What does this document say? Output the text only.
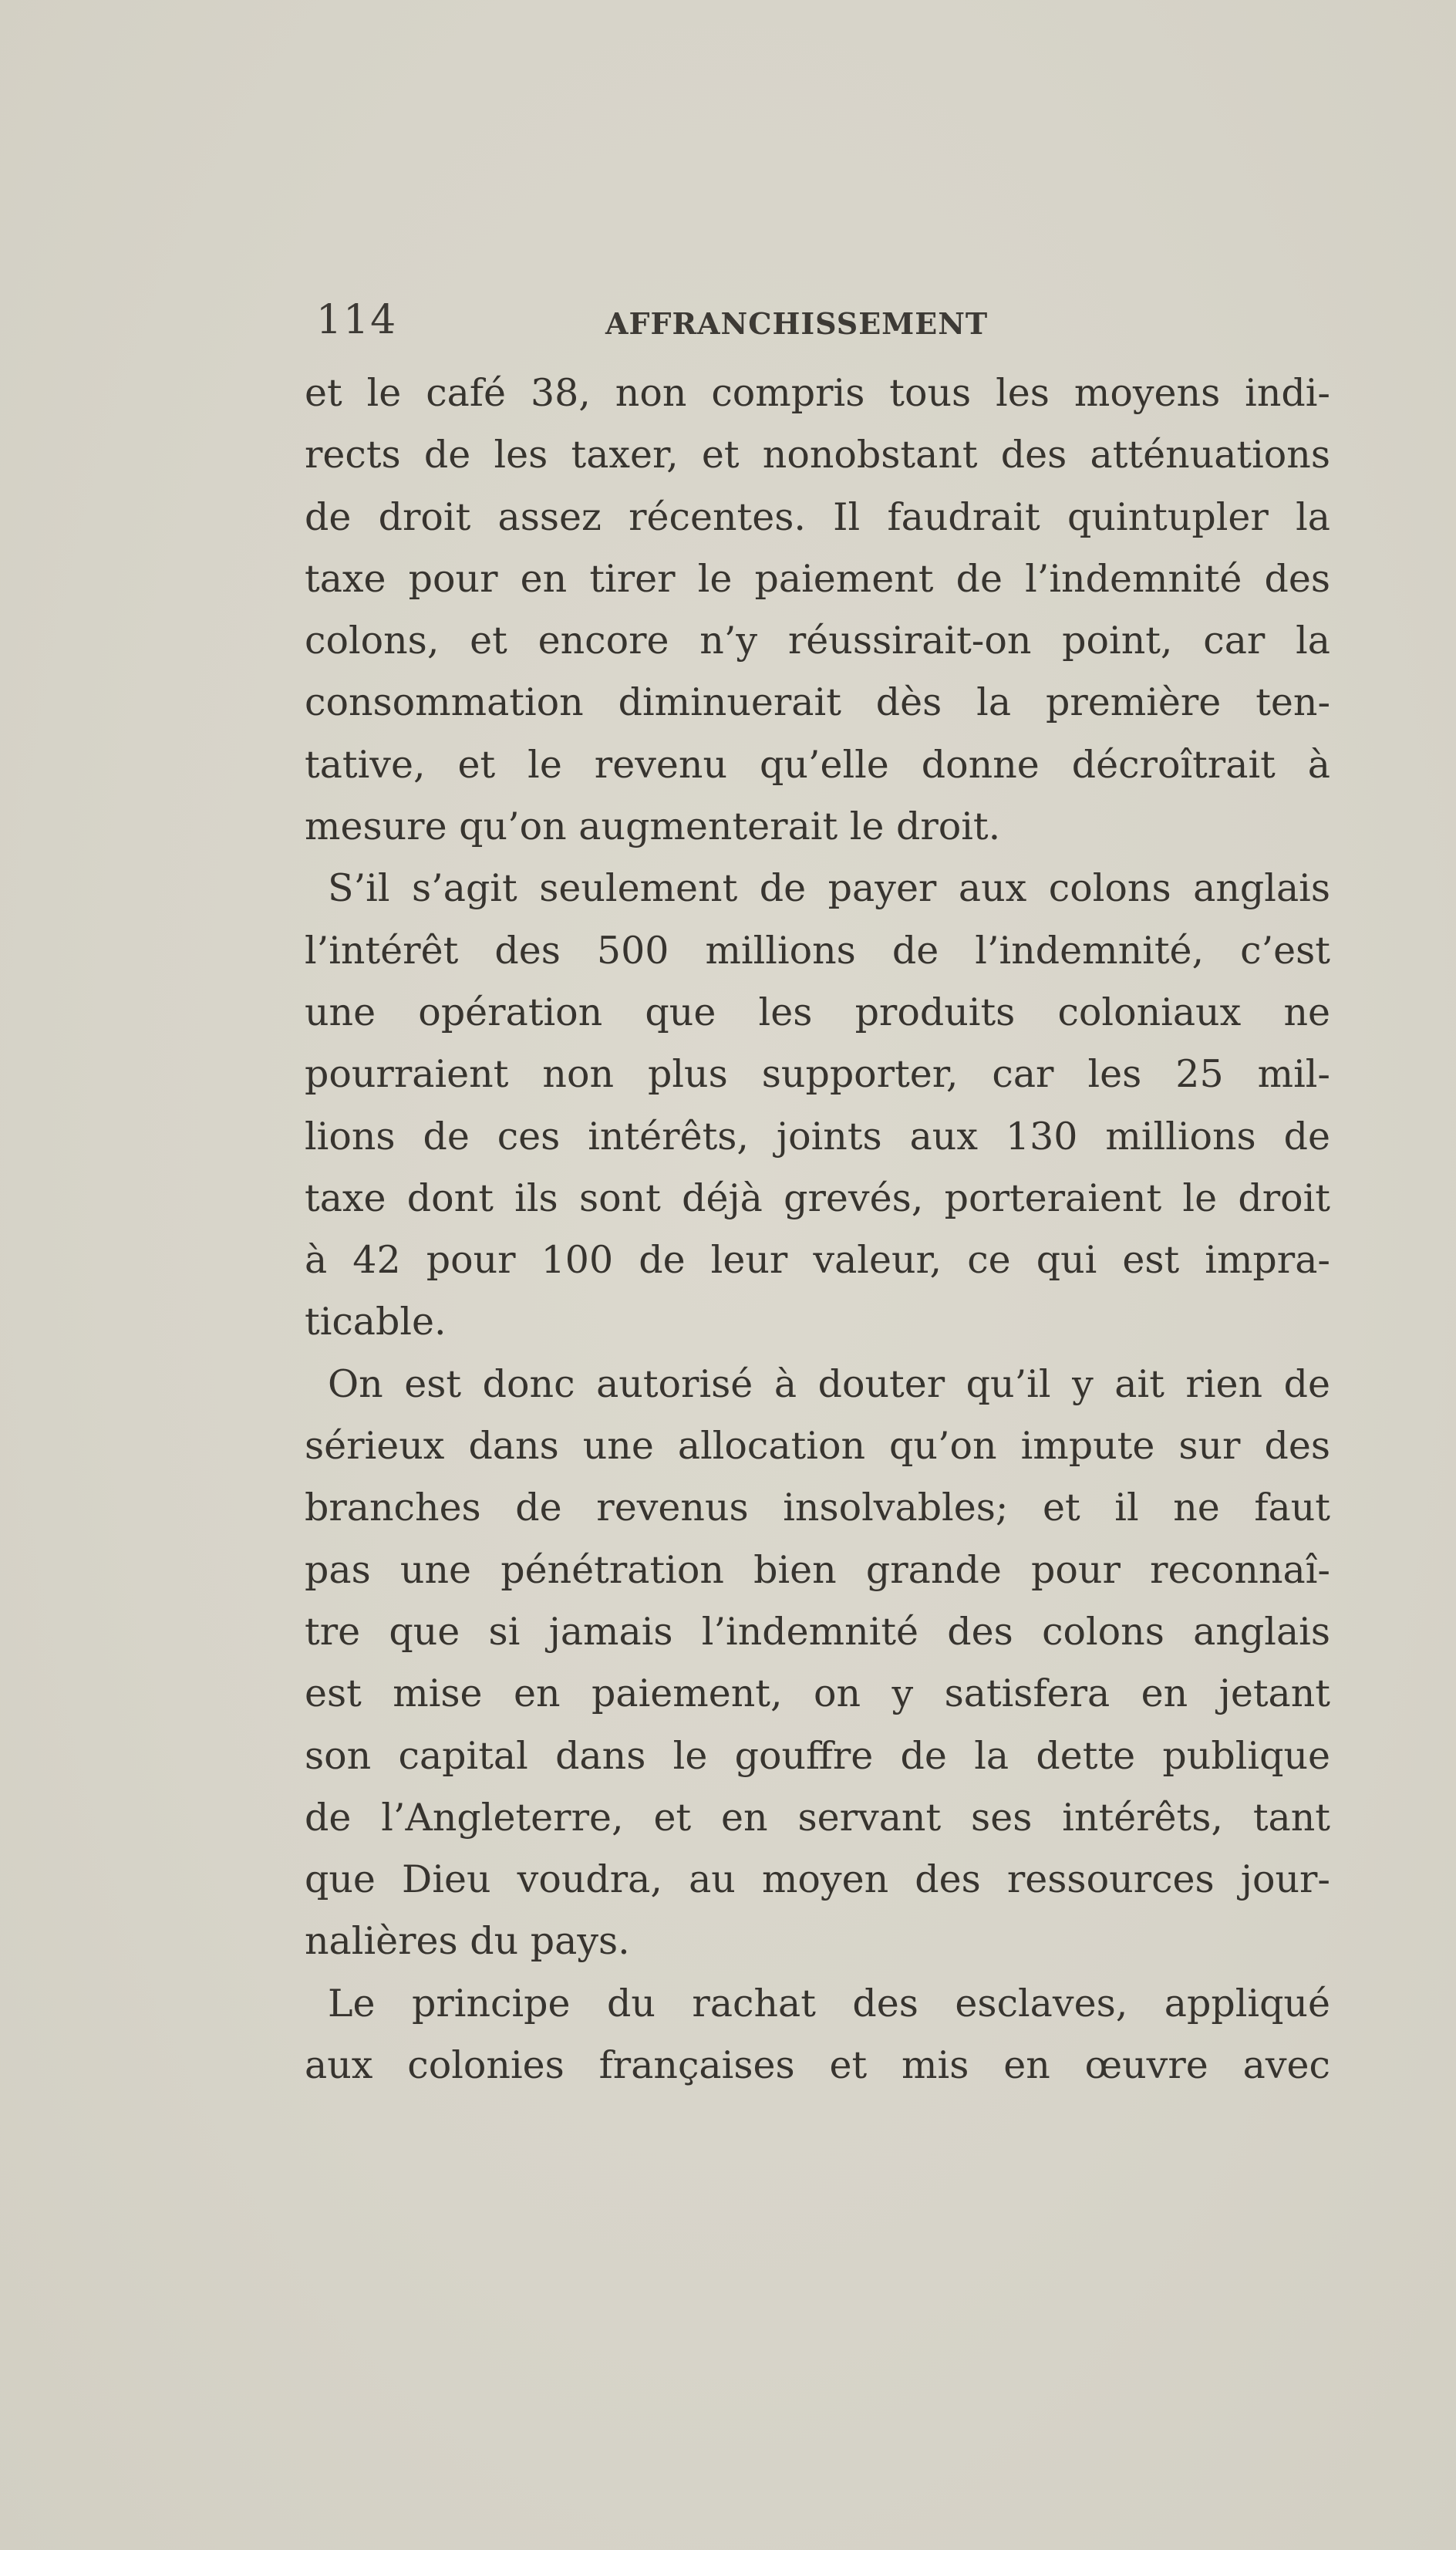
114	AFFRANCHISSEMENT
et le café 38, non compris tous les moyens indi-
rects de les taxer, et nonobstant des atténuations
de droit assez récentes. Il faudrait quintupler la
taxe pour en tirer le paiement de l’indemnité des
colons, et encore n’y réussirait-on point, car la
consommation diminuerait dès la première ten-
tative, et le revenu qu’elle donne décroîtrait à
mesure qu’on augmenterait le droit.
S’il s’agit seulement de payer aux colons anglais
l’intérêt des 500 millions de l’indemnité, c’est
une opération que les produits coloniaux ne
pourraient non plus supporter, car les 25 mil-
lions de ces intérêts, joints aux 130 millions de
taxe dont ils sont déjà grevés, porteraient le droit
à 42 pour 100 de leur valeur, ce qui est impra-
ticable.
On est donc autorisé à douter qu’il y ait rien de
sérieux dans une allocation qu’on impute sur des
branches de revenus insolvables; et il ne faut
pas une pénétration bien grande pour reconnaî-
tre que si jamais l’indemnité des colons anglais
est mise en paiement, on y satisfera en jetant
son capital dans le gouffre de la dette publique
de l’Angleterre, et en servant ses intérêts, tant
que Dieu voudra, au moyen des ressources jour-
nalières du pays.
Le principe du rachat des esclaves, appliqué
aux colonies françaises et mis en œuvre avec
